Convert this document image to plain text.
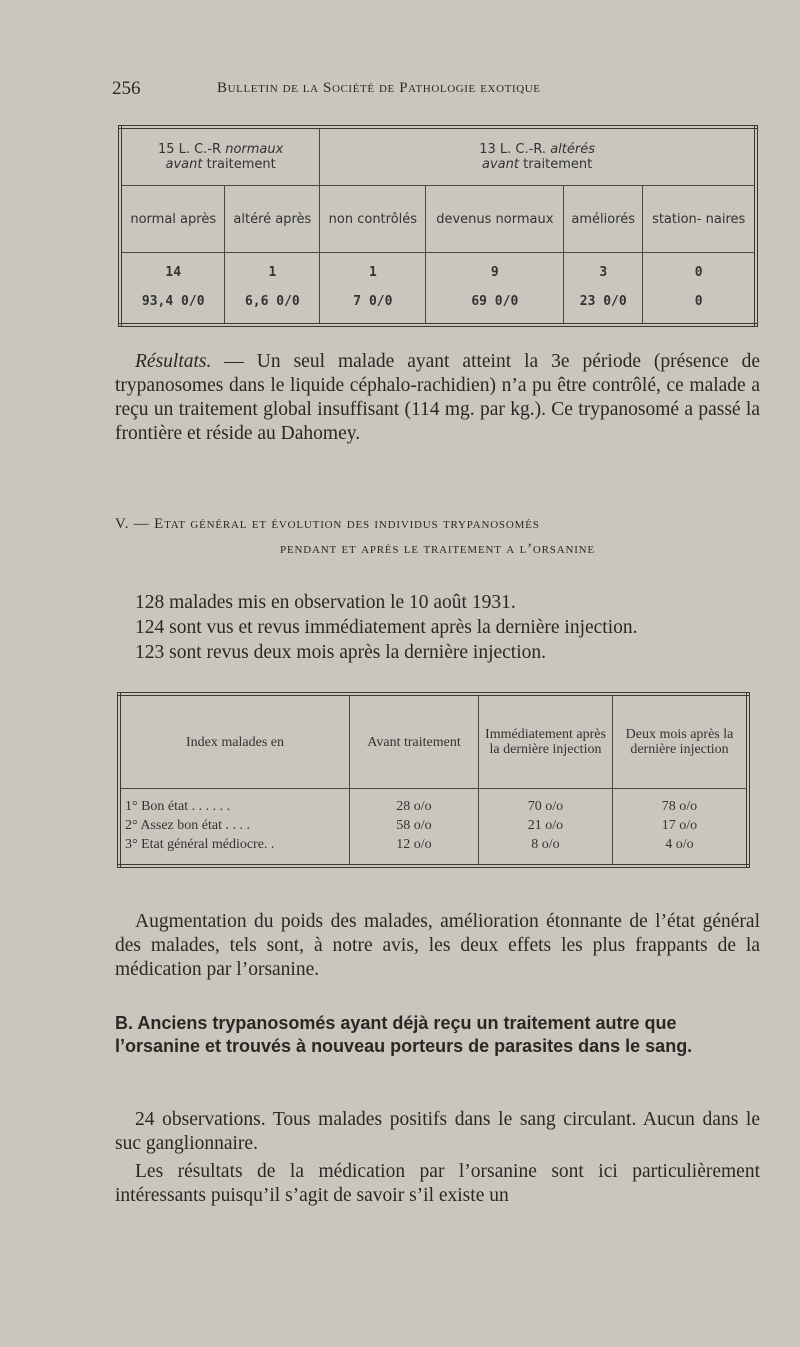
256	Bulletin de la Société de Pathologie exotique
15 L. C.-R normaux
avant traitement		13 L. C.-R. altérés
avant traitement			
normal après	altéré après	non contrôlés	devenus normaux	améliorés	station- naires
14	1	1	9	3	0
93,4 0/0	6,6 0/0	7 0/0	69 0/0	23 0/0	0
Résultats. — Un seul malade ayant atteint la 3e période (présence de trypanosomes dans le liquide céphalo-rachidien) n’a pu être contrôlé, ce malade a reçu un traitement global insuffisant (114 mg. par kg.). Ce trypanosomé a passé la frontière et réside au Dahomey.
V. — Etat général et évolution des individus trypanosomés
pendant et après le traitement a l’orsanine
128 malades mis en observation le 10 août 1931.
124 sont vus et revus immédiatement après la dernière injection.
123 sont revus deux mois après la dernière injection.
Index malades en	Avant traitement	Immédiatement après la dernière injection	Deux mois après la dernière injection
1° Bon état . . . . . .	28 o/o	70 o/o	78 o/o
2° Assez bon état . . . .	58 o/o	21 o/o	17 o/o
3° Etat général médiocre. .	12 o/o	8 o/o	4 o/o
Augmentation du poids des malades, amélioration étonnante de l’état général des malades, tels sont, à notre avis, les deux effets les plus frappants de la médication par l’orsanine.
B. Anciens trypanosomés ayant déjà reçu un traitement autre que l’orsanine et trouvés à nouveau porteurs de parasites dans le sang.
24 observations. Tous malades positifs dans le sang circulant. Aucun dans le suc ganglionnaire.
Les résultats de la médication par l’orsanine sont ici particulièrement intéressants puisqu’il s’agit de savoir s’il existe un
